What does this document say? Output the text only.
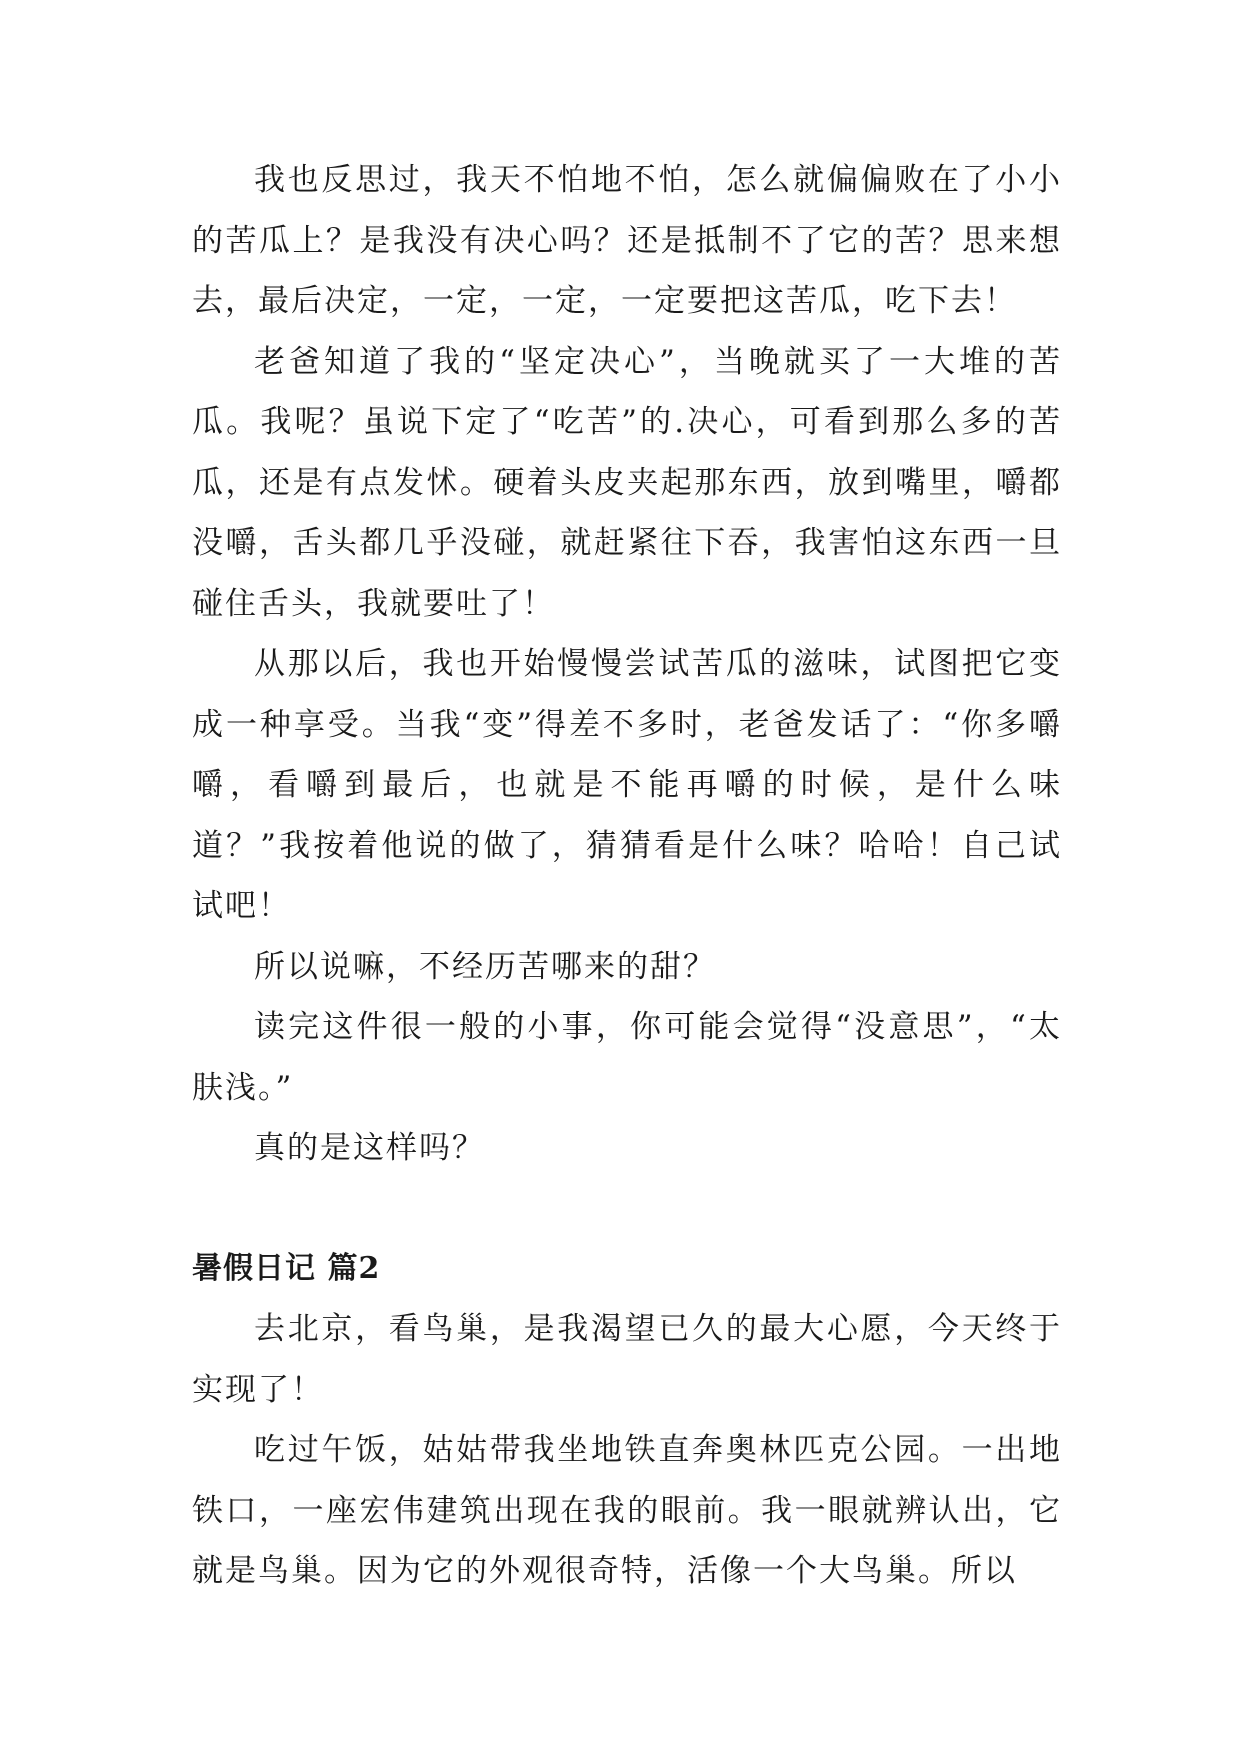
我也反思过，我天不怕地不怕，怎么就偏偏败在了小小的苦瓜上？是我没有决心吗？还是抵制不了它的苦？思来想去，最后决定，一定，一定，一定要把这苦瓜，吃下去！

老爸知道了我的“坚定决心”，当晚就买了一大堆的苦瓜。我呢？虽说下定了“吃苦”的.决心，可看到那么多的苦瓜，还是有点发怵。硬着头皮夹起那东西，放到嘴里，嚼都没嚼，舌头都几乎没碰，就赶紧往下吞，我害怕这东西一旦碰住舌头，我就要吐了！

从那以后，我也开始慢慢尝试苦瓜的滋味，试图把它变成一种享受。当我“变”得差不多时，老爸发话了：“你多嚼嚼，看嚼到最后，也就是不能再嚼的时候，是什么味道？”我按着他说的做了，猜猜看是什么味？哈哈！自己试试吧！

所以说嘛，不经历苦哪来的甜？

读完这件很一般的小事，你可能会觉得“没意思”，“太肤浅。”

真的是这样吗？

暑假日记 篇2

去北京，看鸟巢，是我渴望已久的最大心愿，今天终于实现了！

吃过午饭，姑姑带我坐地铁直奔奥林匹克公园。一出地铁口，一座宏伟建筑出现在我的眼前。我一眼就辨认出，它就是鸟巢。因为它的外观很奇特，活像一个大鸟巢。所以
